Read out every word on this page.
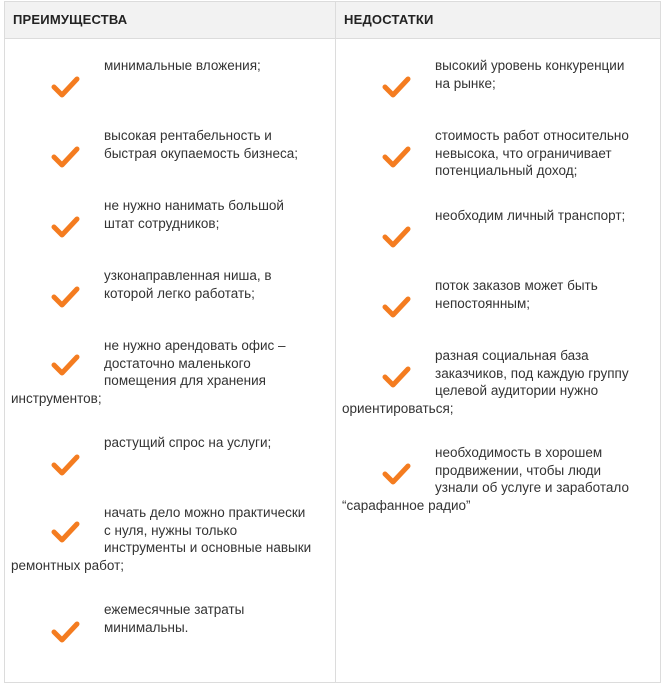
ПРЕИМУЩЕСТВА	НЕДОСТАТКИ
минимальные вложения;
высокая рентабельность и
быстрая окупаемость бизнеса;
не нужно нанимать большой
штат сотрудников;
узконаправленная ниша, в
которой легко работать;
не нужно арендовать офис –
достаточно маленького
помещения для хранения
инструментов;
растущий спрос на услуги;
начать дело можно практически
с нуля, нужны только
инструменты и основные навыки
ремонтных работ;
ежемесячные затраты
минимальны.
высокий уровень конкуренции
на рынке;
стоимость работ относительно
невысока, что ограничивает
потенциальный доход;
необходим личный транспорт;
поток заказов может быть
непостоянным;
разная социальная база
заказчиков, под каждую группу
целевой аудитории нужно
ориентироваться;
необходимость в хорошем
продвижении, чтобы люди
узнали об услуге и заработало
“сарафанное радио”
